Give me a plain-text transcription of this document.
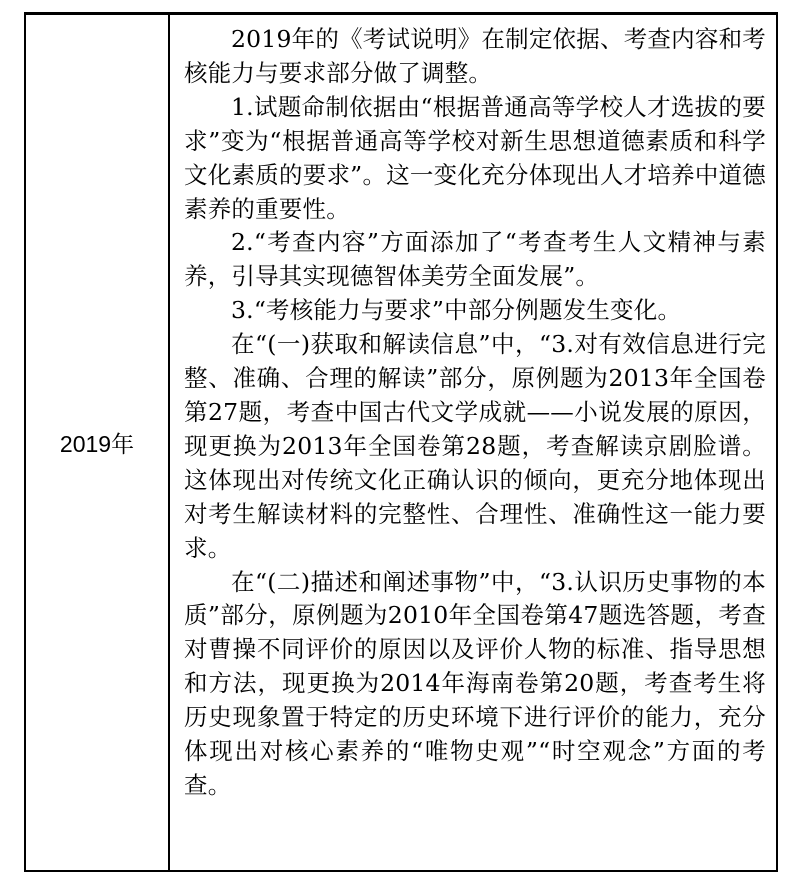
2019年

2019年的《考试说明》在制定依据、考查内容和考核能力与要求部分做了调整。

1.试题命制依据由“根据普通高等学校人才选拔的要求”变为“根据普通高等学校对新生思想道德素质和科学文化素质的要求”。这一变化充分体现出人才培养中道德素养的重要性。

2.“考查内容”方面添加了“考查考生人文精神与素养，引导其实现德智体美劳全面发展”。

3.“考核能力与要求”中部分例题发生变化。

在“(一)获取和解读信息”中，“3.对有效信息进行完整、准确、合理的解读”部分，原例题为2013年全国卷第27题，考查中国古代文学成就——小说发展的原因，现更换为2013年全国卷第28题，考查解读京剧脸谱。这体现出对传统文化正确认识的倾向，更充分地体现出对考生解读材料的完整性、合理性、准确性这一能力要求。

在“(二)描述和阐述事物”中，“3.认识历史事物的本质”部分，原例题为2010年全国卷第47题选答题，考查对曹操不同评价的原因以及评价人物的标准、指导思想和方法，现更换为2014年海南卷第20题，考查考生将历史现象置于特定的历史环境下进行评价的能力，充分体现出对核心素养的“唯物史观”“时空观念”方面的考查。
